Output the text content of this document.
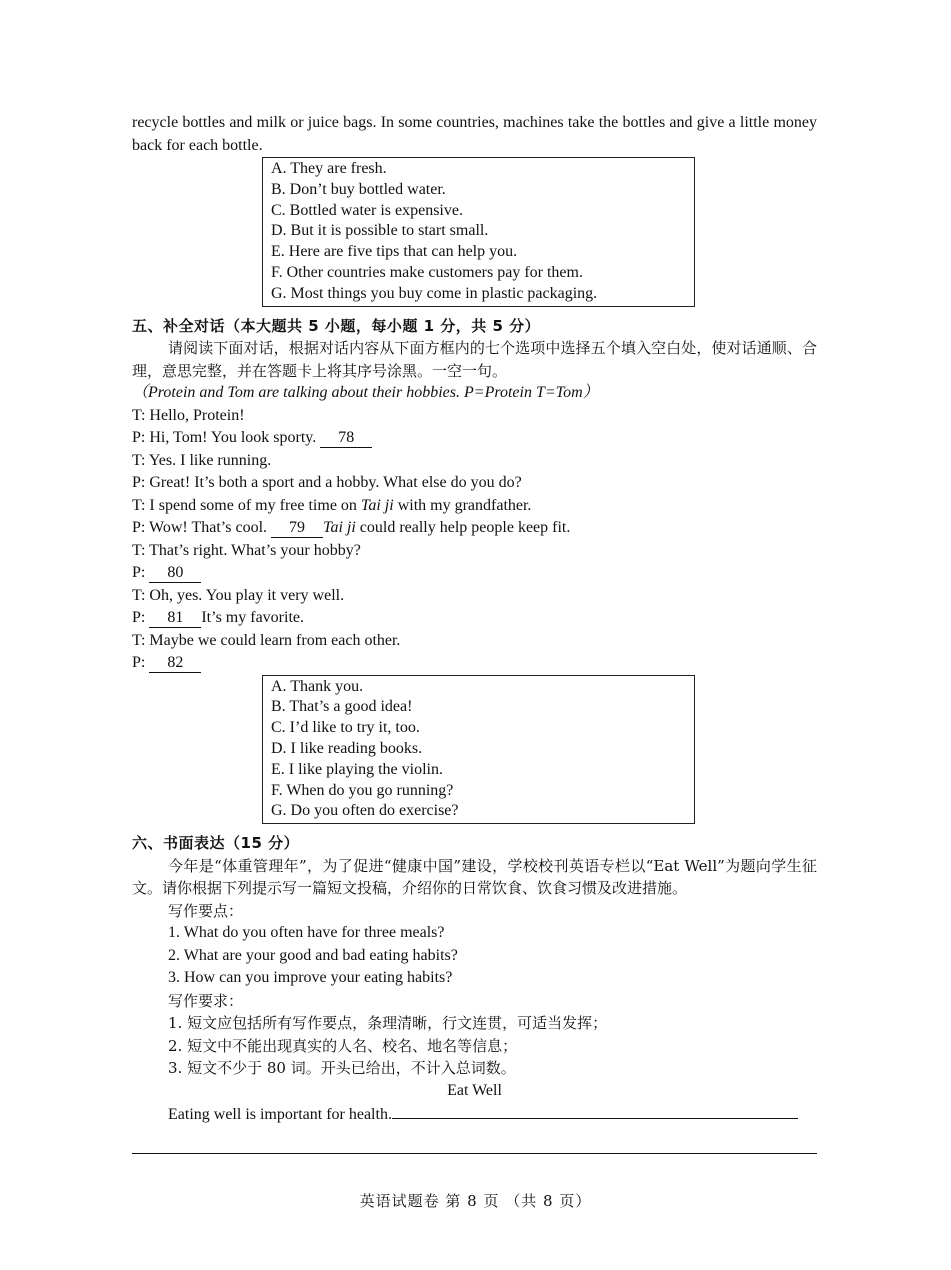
recycle bottles and milk or juice bags. In some countries, machines take the bottles and give a little money back for each bottle.

A. They are fresh.
B. Don’t buy bottled water.
C. Bottled water is expensive.
D. But it is possible to start small.
E. Here are five tips that can help you.
F. Other countries make customers pay for them.
G. Most things you buy come in plastic packaging.

五、补全对话（本大题共 5 小题，每小题 1 分，共 5 分）

请阅读下面对话，根据对话内容从下面方框内的七个选项中选择五个填入空白处，使对话通顺、合理，意思完整，并在答题卡上将其序号涂黑。一空一句。

（Protein and Tom are talking about their hobbies. P=Protein T=Tom）

T: Hello, Protein!

P: Hi, Tom! You look sporty. 78

T: Yes. I like running.

P: Great! It’s both a sport and a hobby. What else do you do?

T: I spend some of my free time on Tai ji with my grandfather.

P: Wow! That’s cool. 79 Tai ji could really help people keep fit.

T: That’s right. What’s your hobby?

P: 80

T: Oh, yes. You play it very well.

P: 81 It’s my favorite.

T: Maybe we could learn from each other.

P: 82

A. Thank you.
B. That’s a good idea!
C. I’d like to try it, too.
D. I like reading books.
E. I like playing the violin.
F. When do you go running?
G. Do you often do exercise?

六、书面表达（15 分）

今年是“体重管理年”，为了促进“健康中国”建设，学校校刊英语专栏以“Eat Well”为题向学生征文。请你根据下列提示写一篇短文投稿，介绍你的日常饮食、饮食习惯及改进措施。

写作要点：

1. What do you often have for three meals?

2. What are your good and bad eating habits?

3. How can you improve your eating habits?

写作要求：

1. 短文应包括所有写作要点，条理清晰，行文连贯，可适当发挥；

2. 短文中不能出现真实的人名、校名、地名等信息；

3. 短文不少于 80 词。开头已给出，不计入总词数。

Eat Well

Eating well is important for health.

英语试题卷 第 8 页 （共 8 页）
